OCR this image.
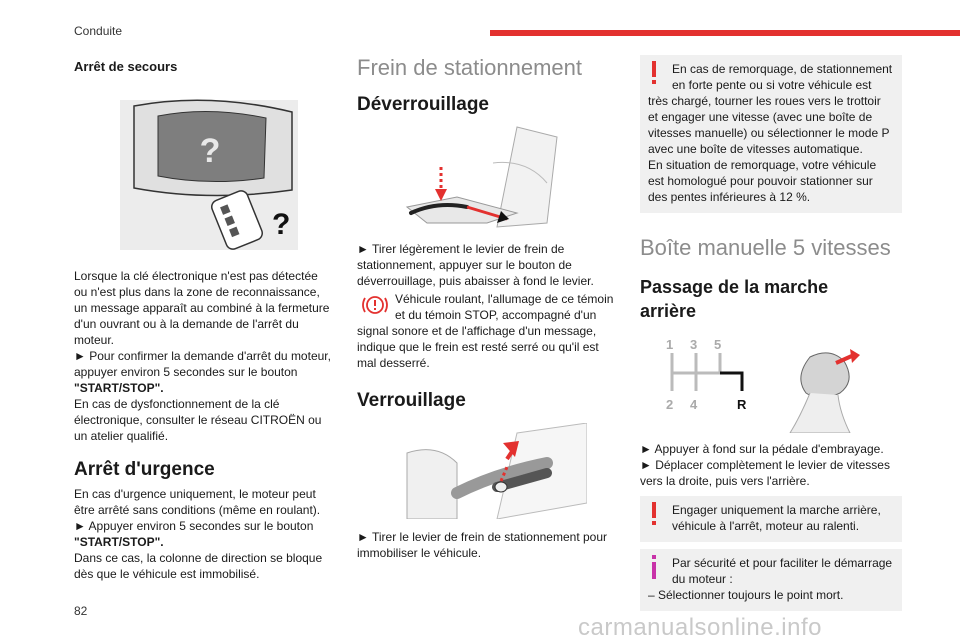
Conduite
Arrêt de secours
?
?

Lorsque la clé électronique n'est pas détectée

ou n'est plus dans la zone de reconnaissance,

un message apparaît au combiné à la fermeture

d'un ouvrant ou à la demande de l'arrêt du

moteur.

► Pour confirmer la demande d'arrêt du moteur,

appuyer environ 5 secondes sur le bouton

"START/STOP".

En cas de dysfonctionnement de la clé

électronique, consulter le réseau CITROËN ou

un atelier qualifié.

Arrêt d'urgence

En cas d'urgence uniquement, le moteur peut

être arrêté sans conditions (même en roulant).

► Appuyer environ 5 secondes sur le bouton

"START/STOP".

Dans ce cas, la colonne de direction se bloque

dès que le véhicule est immobilisé.

Frein de stationnement
Déverrouillage

► Tirer légèrement le levier de frein de

stationnement, appuyer sur le bouton de

déverrouillage, puis abaisser à fond le levier.

Véhicule roulant, l'allumage de ce témoin

et du témoin STOP, accompagné d'un

signal sonore et de l'affichage d'un message,

indique que le frein est resté serré ou qu'il est

mal desserré.

Verrouillage

► Tirer le levier de frein de stationnement pour

immobiliser le véhicule.

En cas de remorquage, de stationnement
en forte pente ou si votre véhicule est
très chargé, tourner les roues vers le trottoir
et engager une vitesse (avec une boîte de
vitesses manuelle) ou sélectionner le mode P
avec une boîte de vitesses automatique.
En situation de remorquage, votre véhicule
est homologué pour pouvoir stationner sur
des pentes inférieures à 12 %.
Boîte manuelle 5 vitesses
Passage de la marche
arrière
1 3 5
2 4	R

► Appuyer à fond sur la pédale d'embrayage.

► Déplacer complètement le levier de vitesses

vers la droite, puis vers l'arrière.

Engager uniquement la marche arrière,
véhicule à l'arrêt, moteur au ralenti.
Par sécurité et pour faciliter le démarrage
du moteur :
– Sélectionner toujours le point mort.
82
carmanualsonline.info
